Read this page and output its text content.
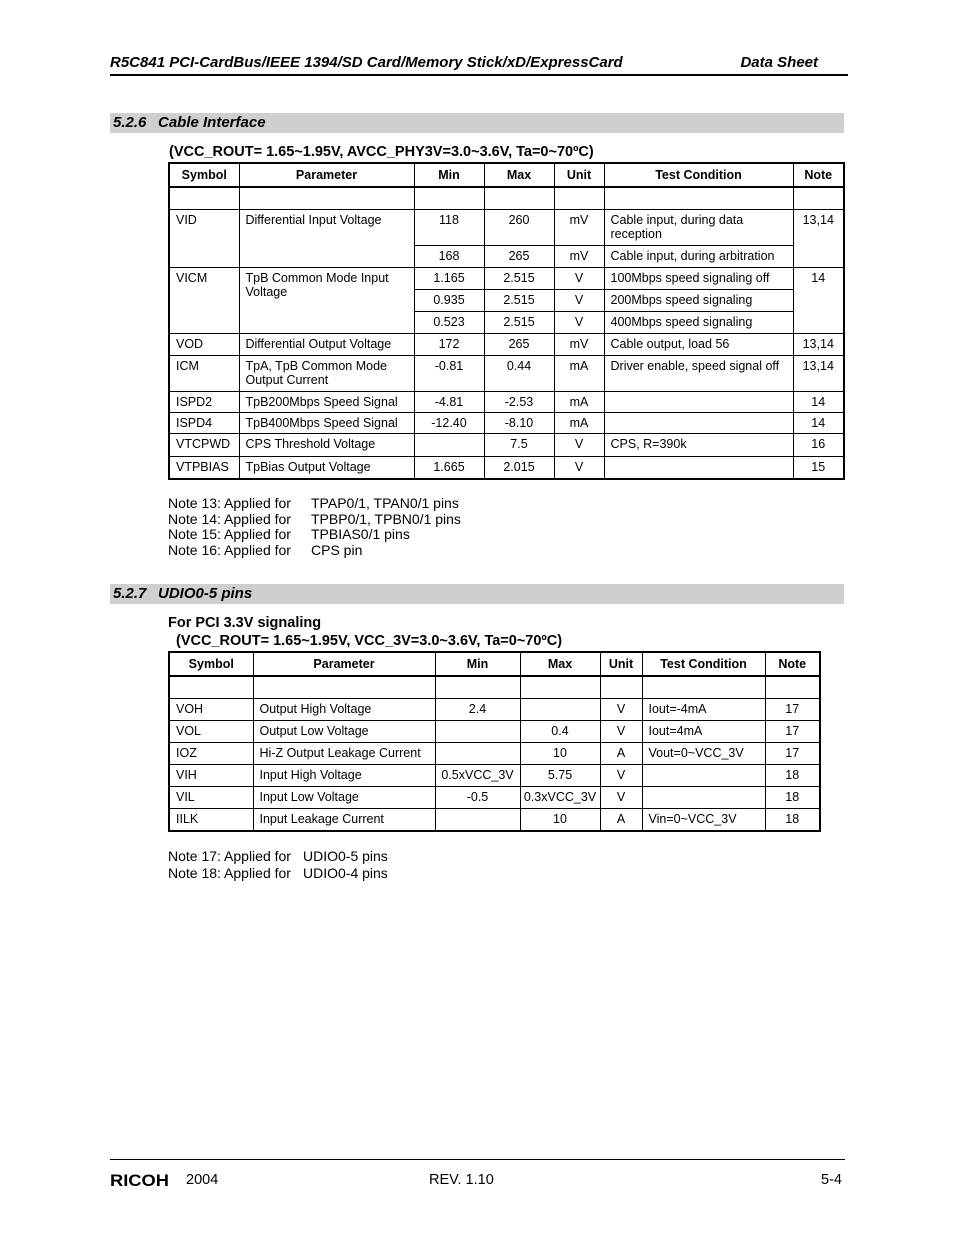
R5C841 PCI-CardBus/IEEE 1394/SD Card/Memory Stick/xD/ExpressCard	Data Sheet
5.2.6 Cable Interface
(VCC_ROUT= 1.65~1.95V, AVCC_PHY3V=3.0~3.6V, Ta=0~70ºC)
Symbol	Parameter	Min	Max	Unit	Test Condition	Note

VID	Differential Input Voltage	118	260	mV	Cable input, during data reception	13,14
		168	265	mV	Cable input, during arbitration	
VICM	TpB Common Mode Input Voltage	1.165	2.515	V	100Mbps speed signaling off	14
		0.935	2.515	V	200Mbps speed signaling	
		0.523	2.515	V	400Mbps speed signaling	
VOD	Differential Output Voltage	172	265	mV	Cable output, load 56	13,14
ICM	TpA, TpB Common Mode Output Current	-0.81	0.44	mA	Driver enable, speed signal off	13,14
ISPD2	TpB200Mbps Speed Signal	-4.81	-2.53	mA		14
ISPD4	TpB400Mbps Speed Signal	-12.40	-8.10	mA		14
VTCPWD	CPS Threshold Voltage		7.5	V	CPS, R=390k	16
VTPBIAS	TpBias Output Voltage	1.665	2.015	V		15
Note 13: Applied for TPAP0/1, TPAN0/1 pins
Note 14: Applied for TPBP0/1, TPBN0/1 pins
Note 15: Applied for TPBIAS0/1 pins
Note 16: Applied for CPS pin
5.2.7 UDIO0-5 pins
For PCI 3.3V signaling
(VCC_ROUT= 1.65~1.95V, VCC_3V=3.0~3.6V, Ta=0~70ºC)
Symbol	Parameter	Min	Max	Unit	Test Condition	Note

VOH	Output High Voltage	2.4		V	Iout=-4mA	17
VOL	Output Low Voltage		0.4	V	Iout=4mA	17
IOZ	Hi-Z Output Leakage Current		10	A	Vout=0~VCC_3V	17
VIH	Input High Voltage	0.5xVCC_3V	5.75	V		18
VIL	Input Low Voltage	-0.5	0.3xVCC_3V	V		18
IILK	Input Leakage Current		10	A	Vin=0~VCC_3V	18
Note 17: Applied for UDIO0-5 pins
Note 18: Applied for UDIO0-4 pins
RICOH 2004	REV. 1.10	5-4
